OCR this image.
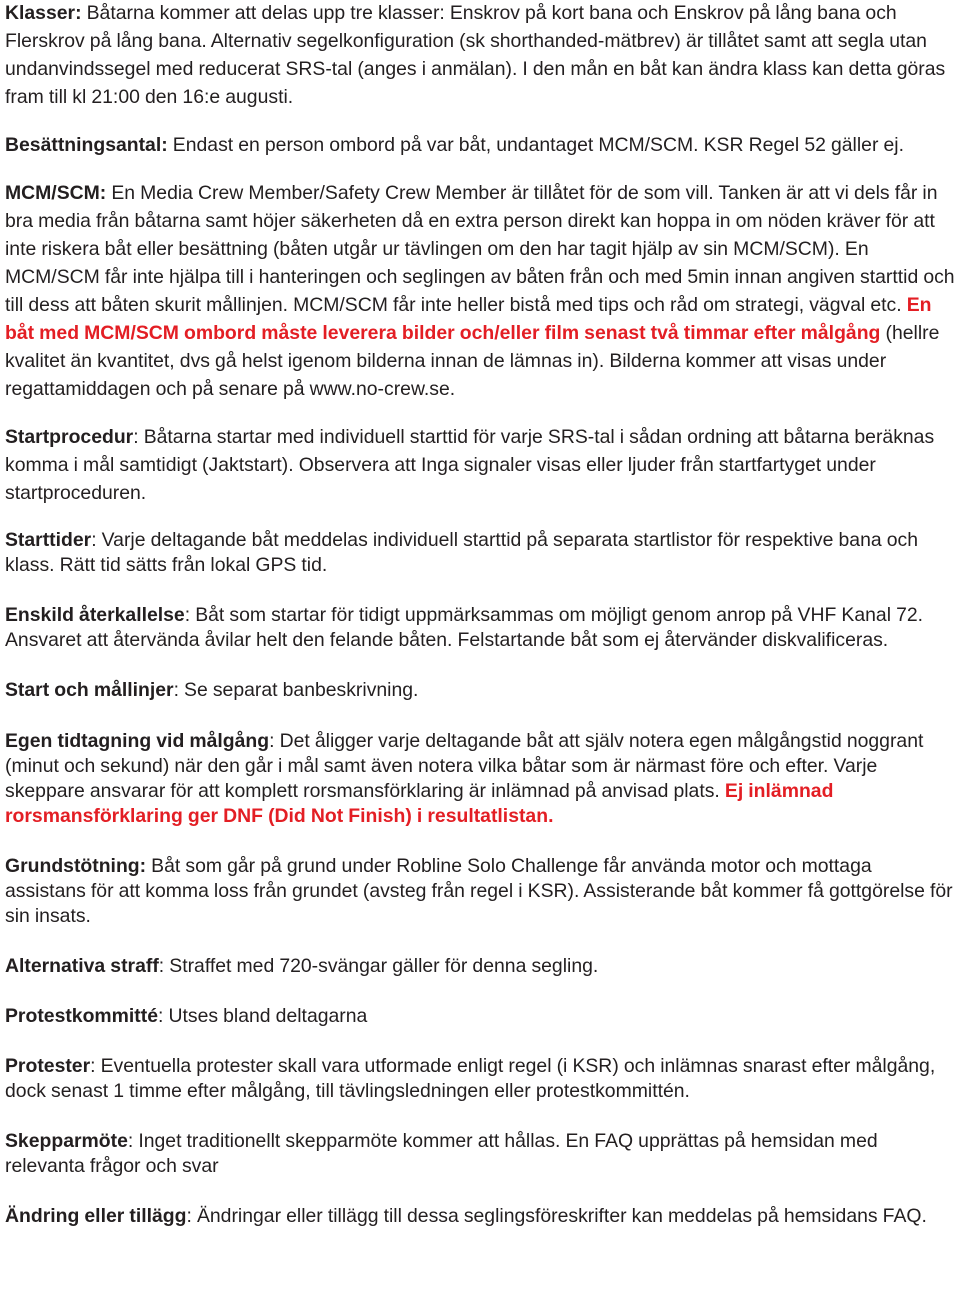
Klasser: Båtarna kommer att delas upp tre klasser: Enskrov på kort bana och Enskrov på lång bana och Flerskrov på lång bana. Alternativ segelkonfiguration (sk shorthanded-mätbrev) är tillåtet samt att segla utan undanvindssegel med reducerat SRS-tal (anges i anmälan). I den mån en båt kan ändra klass kan detta göras fram till kl 21:00 den 16:e augusti.

Besättningsantal: Endast en person ombord på var båt, undantaget MCM/SCM. KSR Regel 52 gäller ej.

MCM/SCM: En Media Crew Member/Safety Crew Member är tillåtet för de som vill. Tanken är att vi dels får in bra media från båtarna samt höjer säkerheten då en extra person direkt kan hoppa in om nöden kräver för att inte riskera båt eller besättning (båten utgår ur tävlingen om den har tagit hjälp av sin MCM/SCM). En MCM/SCM får inte hjälpa till i hanteringen och seglingen av båten från och med 5min innan angiven starttid och till dess att båten skurit mållinjen. MCM/SCM får inte heller bistå med tips och råd om strategi, vägval etc. En båt med MCM/SCM ombord måste leverera bilder och/eller film senast två timmar efter målgång (hellre kvalitet än kvantitet, dvs gå helst igenom bilderna innan de lämnas in). Bilderna kommer att visas under regattamiddagen och på senare på www.no-crew.se.

Startprocedur: Båtarna startar med individuell starttid för varje SRS-tal i sådan ordning att båtarna beräknas komma i mål samtidigt (Jaktstart). Observera att Inga signaler visas eller ljuder från startfartyget under startproceduren.

Starttider: Varje deltagande båt meddelas individuell starttid på separata startlistor för respektive bana och klass. Rätt tid sätts från lokal GPS tid.

Enskild återkallelse: Båt som startar för tidigt uppmärksammas om möjligt genom anrop på VHF Kanal 72. Ansvaret att återvända åvilar helt den felande båten. Felstartande båt som ej återvänder diskvalificeras.

Start och mållinjer: Se separat banbeskrivning.

Egen tidtagning vid målgång: Det åligger varje deltagande båt att själv notera egen målgångstid noggrant (minut och sekund) när den går i mål samt även notera vilka båtar som är närmast före och efter. Varje skeppare ansvarar för att komplett rorsmansförklaring är inlämnad på anvisad plats. Ej inlämnad rorsmansförklaring ger DNF (Did Not Finish) i resultatlistan.

Grundstötning: Båt som går på grund under Robline Solo Challenge får använda motor och mottaga assistans för att komma loss från grundet (avsteg från regel i KSR). Assisterande båt kommer få gottgörelse för sin insats.

Alternativa straff: Straffet med 720-svängar gäller för denna segling.

Protestkommitté: Utses bland deltagarna

Protester: Eventuella protester skall vara utformade enligt regel (i KSR) och inlämnas snarast efter målgång, dock senast 1 timme efter målgång, till tävlingsledningen eller protestkommittén.

Skepparmöte: Inget traditionellt skepparmöte kommer att hållas. En FAQ upprättas på hemsidan med relevanta frågor och svar

Ändring eller tillägg: Ändringar eller tillägg till dessa seglingsföreskrifter kan meddelas på hemsidans FAQ.
